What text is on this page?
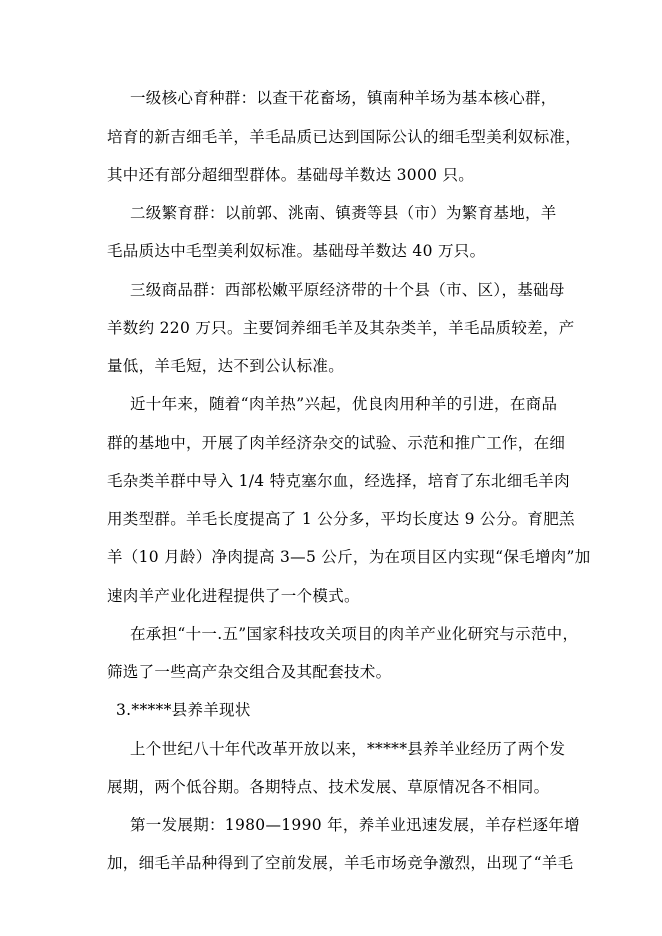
一级核心育种群：以查干花畜场，镇南种羊场为基本核心群，
培育的新吉细毛羊，羊毛品质已达到国际公认的细毛型美利奴标准，
其中还有部分超细型群体。基础母羊数达 3000 只。
二级繁育群：以前郭、洮南、镇赉等县（市）为繁育基地，羊
毛品质达中毛型美利奴标准。基础母羊数达 40 万只。
三级商品群：西部松嫩平原经济带的十个县（市、区），基础母
羊数约 220 万只。主要饲养细毛羊及其杂类羊，羊毛品质较差，产
量低，羊毛短，达不到公认标准。
近十年来，随着“肉羊热”兴起，优良肉用种羊的引进，在商品
群的基地中，开展了肉羊经济杂交的试验、示范和推广工作，在细
毛杂类羊群中导入 1/4 特克塞尔血，经选择，培育了东北细毛羊肉
用类型群。羊毛长度提高了 1 公分多，平均长度达 9 公分。育肥羔
羊（10 月龄）净肉提高 3—5 公斤，为在项目区内实现“保毛增肉”加
速肉羊产业化进程提供了一个模式。
在承担“十一.五”国家科技攻关项目的肉羊产业化研究与示范中，
筛选了一些高产杂交组合及其配套技术。
3.*****县养羊现状
上个世纪八十年代改革开放以来，*****县养羊业经历了两个发
展期，两个低谷期。各期特点、技术发展、草原情况各不相同。
第一发展期：1980—1990 年，养羊业迅速发展，羊存栏逐年增
加，细毛羊品种得到了空前发展，羊毛市场竞争激烈，出现了“羊毛
